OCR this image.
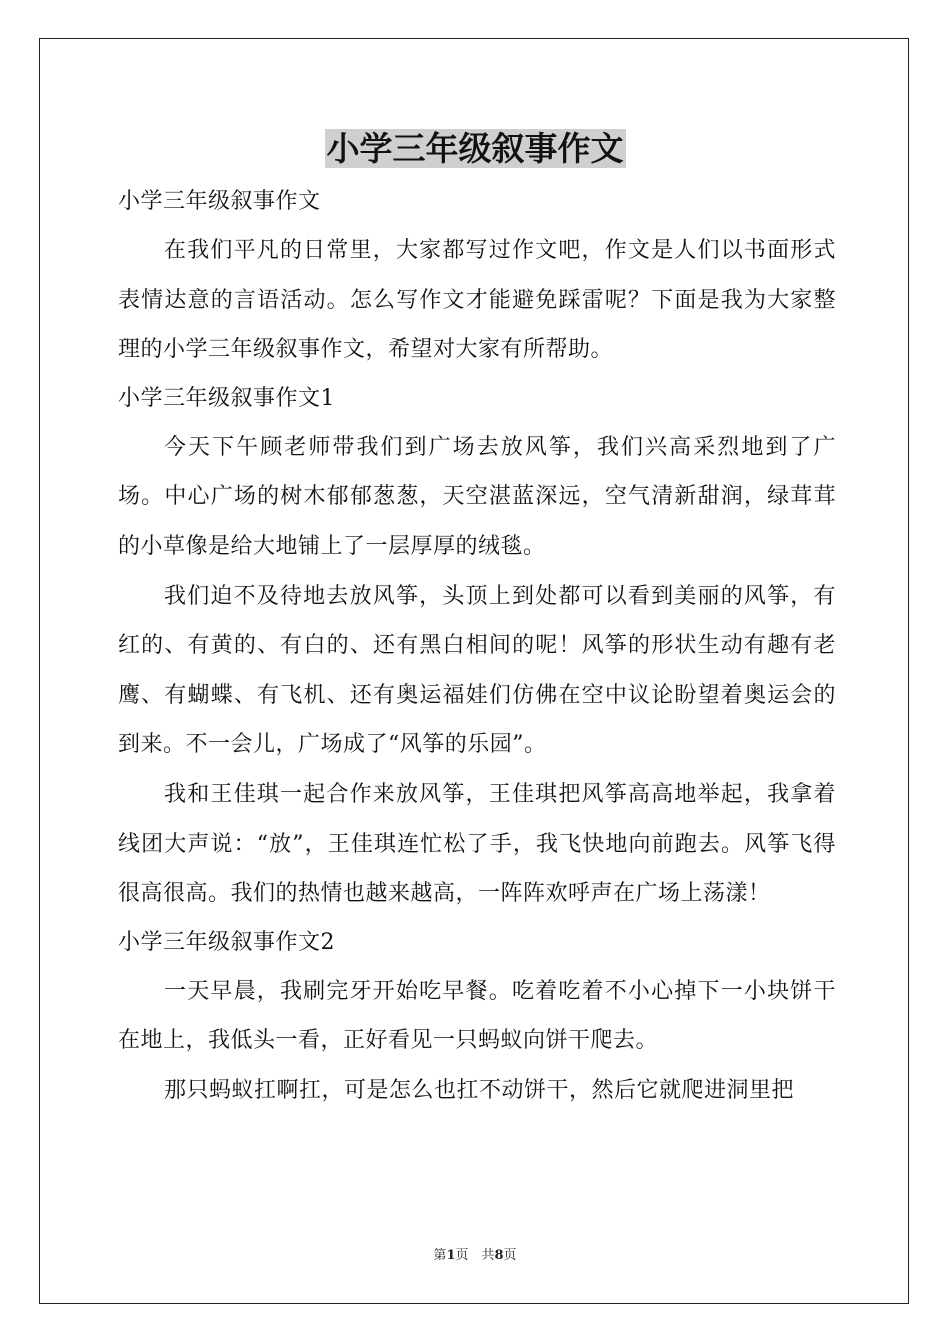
小学三年级叙事作文

小学三年级叙事作文

在我们平凡的日常里，大家都写过作文吧，作文是人们以书面形式表情达意的言语活动。怎么写作文才能避免踩雷呢？下面是我为大家整理的小学三年级叙事作文，希望对大家有所帮助。

小学三年级叙事作文1

今天下午顾老师带我们到广场去放风筝，我们兴高采烈地到了广场。中心广场的树木郁郁葱葱，天空湛蓝深远，空气清新甜润，绿茸茸的小草像是给大地铺上了一层厚厚的绒毯。

我们迫不及待地去放风筝，头顶上到处都可以看到美丽的风筝，有红的、有黄的、有白的、还有黑白相间的呢！风筝的形状生动有趣有老鹰、有蝴蝶、有飞机、还有奥运福娃们仿佛在空中议论盼望着奥运会的到来。不一会儿，广场成了“风筝的乐园”。

我和王佳琪一起合作来放风筝，王佳琪把风筝高高地举起，我拿着线团大声说：“放”，王佳琪连忙松了手，我飞快地向前跑去。风筝飞得很高很高。我们的热情也越来越高，一阵阵欢呼声在广场上荡漾！

小学三年级叙事作文2

一天早晨，我刷完牙开始吃早餐。吃着吃着不小心掉下一小块饼干在地上，我低头一看，正好看见一只蚂蚁向饼干爬去。

那只蚂蚁扛啊扛，可是怎么也扛不动饼干，然后它就爬进洞里把

第1页　共8页
